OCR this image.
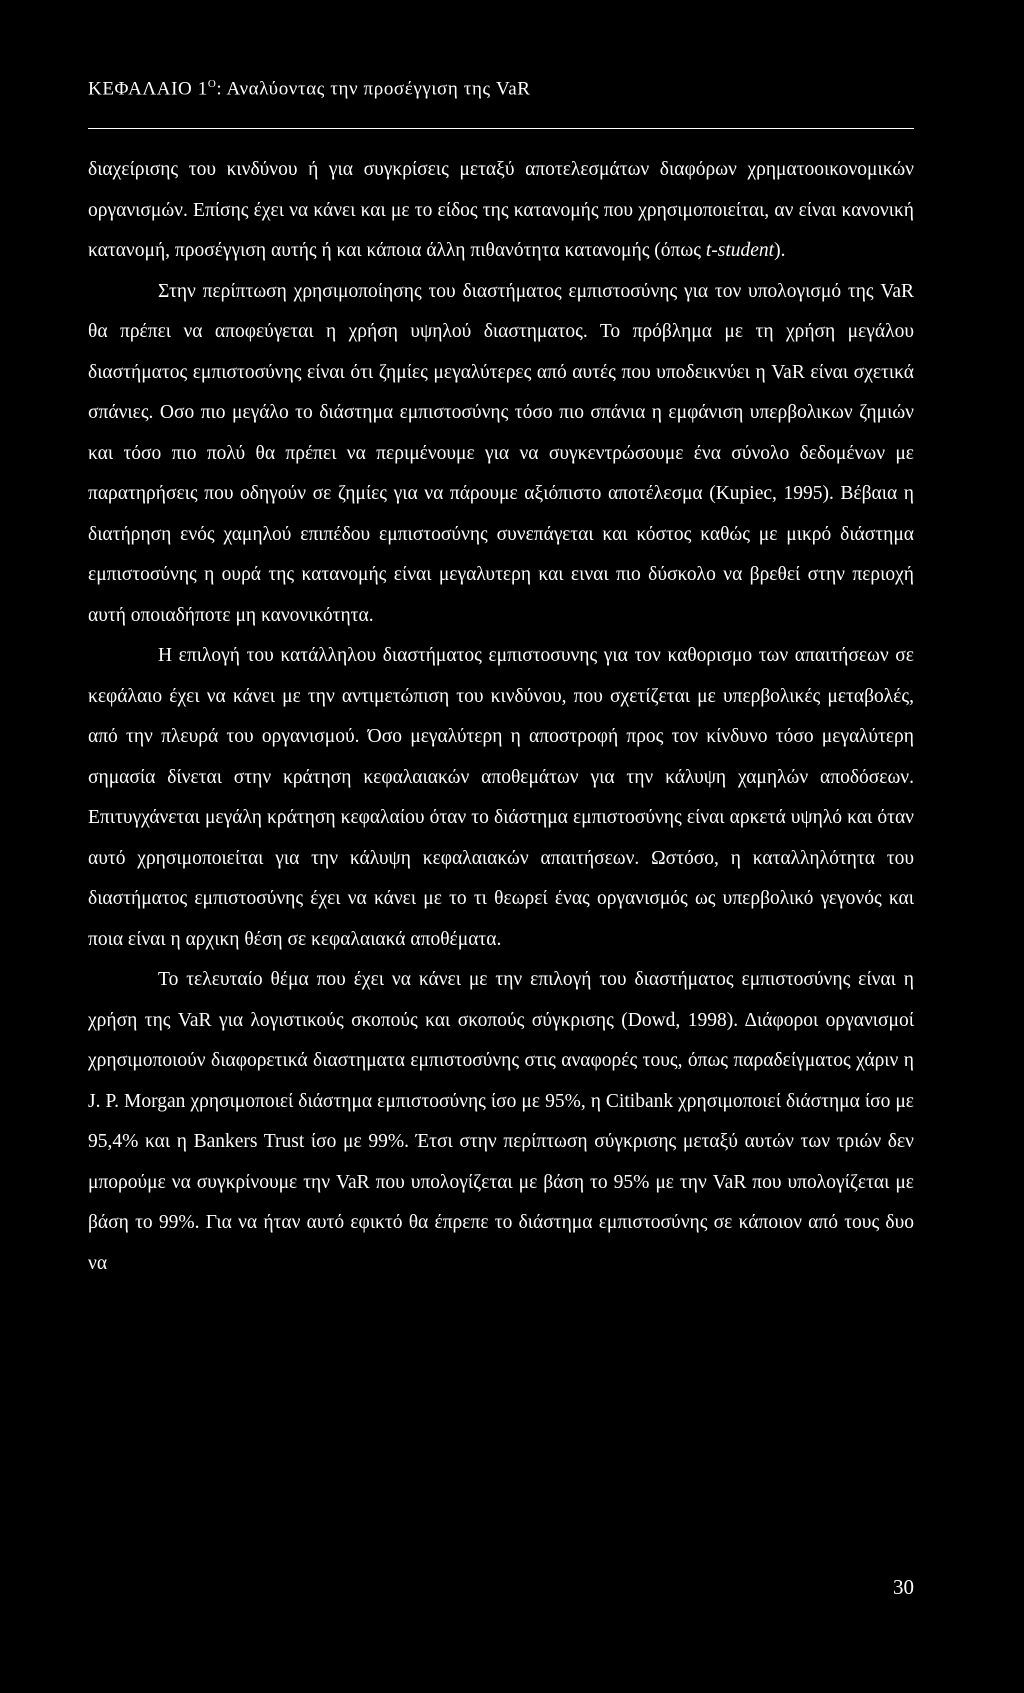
ΚΕΦΑΛΑΙΟ $1^O$: Αναλύοντας την προσέγγιση της VaR

διαχείρισης του κινδύνου ή για συγκρίσεις μεταξύ αποτελεσμάτων διαφόρων χρηματοοικονομικών οργανισμών. Επίσης έχει να κάνει και με το είδος της κατανομής που χρησιμοποιείται, αν είναι κανονική κατανομή, προσέγγιση αυτής ή και κάποια άλλη πιθανότητα κατανομής (όπως t-student).

Στην περίπτωση χρησιμοποίησης του διαστήματος εμπιστοσύνης για τον υπολογισμό της VaR θα πρέπει να αποφεύγεται η χρήση υψηλού διαστηματος. Το πρόβλημα με τη χρήση μεγάλου διαστήματος εμπιστοσύνης είναι ότι ζημίες μεγαλύτερες από αυτές που υποδεικνύει η VaR είναι σχετικά σπάνιες. Οσο πιο μεγάλο το διάστημα εμπιστοσύνης τόσο πιο σπάνια η εμφάνιση υπερβολικων ζημιών και τόσο πιο πολύ θα πρέπει να περιμένουμε για να συγκεντρώσουμε ένα σύνολο δεδομένων με παρατηρήσεις που οδηγούν σε ζημίες για να πάρουμε αξιόπιστο αποτέλεσμα (Kupiec, 1995). Βέβαια η διατήρηση ενός χαμηλού επιπέδου εμπιστοσύνης συνεπάγεται και κόστος καθώς με μικρό διάστημα εμπιστοσύνης η ουρά της κατανομής είναι μεγαλυτερη και ειναι πιο δύσκολο να βρεθεί στην περιοχή αυτή οποιαδήποτε μη κανονικότητα.

Η επιλογή του κατάλληλου διαστήματος εμπιστοσυνης για τον καθορισμο των απαιτήσεων σε κεφάλαιο έχει να κάνει με την αντιμετώπιση του κινδύνου, που σχετίζεται με υπερβολικές μεταβολές, από την πλευρά του οργανισμού. Όσο μεγαλύτερη η αποστροφή προς τον κίνδυνο τόσο μεγαλύτερη σημασία δίνεται στην κράτηση κεφαλαιακών αποθεμάτων για την κάλυψη χαμηλών αποδόσεων. Επιτυγχάνεται μεγάλη κράτηση κεφαλαίου όταν το διάστημα εμπιστοσύνης είναι αρκετά υψηλό και όταν αυτό χρησιμοποιείται για την κάλυψη κεφαλαιακών απαιτήσεων. Ωστόσο, η καταλληλότητα του διαστήματος εμπιστοσύνης έχει να κάνει με το τι θεωρεί ένας οργανισμός ως υπερβολικό γεγονός και ποια είναι η αρχικη θέση σε κεφαλαιακά αποθέματα.

Το τελευταίο θέμα που έχει να κάνει με την επιλογή του διαστήματος εμπιστοσύνης είναι η χρήση της VaR για λογιστικούς σκοπούς και σκοπούς σύγκρισης (Dowd, 1998). Διάφοροι οργανισμοί χρησιμοποιούν διαφορετικά διαστηματα εμπιστοσύνης στις αναφορές τους, όπως παραδείγματος χάριν η J. P. Morgan χρησιμοποιεί διάστημα εμπιστοσύνης ίσο με 95%, η Citibank χρησιμοποιεί διάστημα ίσο με 95,4% και η Bankers Trust ίσο με 99%. Έτσι στην περίπτωση σύγκρισης μεταξύ αυτών των τριών δεν μπορούμε να συγκρίνουμε την VaR που υπολογίζεται με βάση το 95% με την VaR που υπολογίζεται με βάση το 99%. Για να ήταν αυτό εφικτό θα έπρεπε το διάστημα εμπιστοσύνης σε κάποιον από τους δυο να

30
